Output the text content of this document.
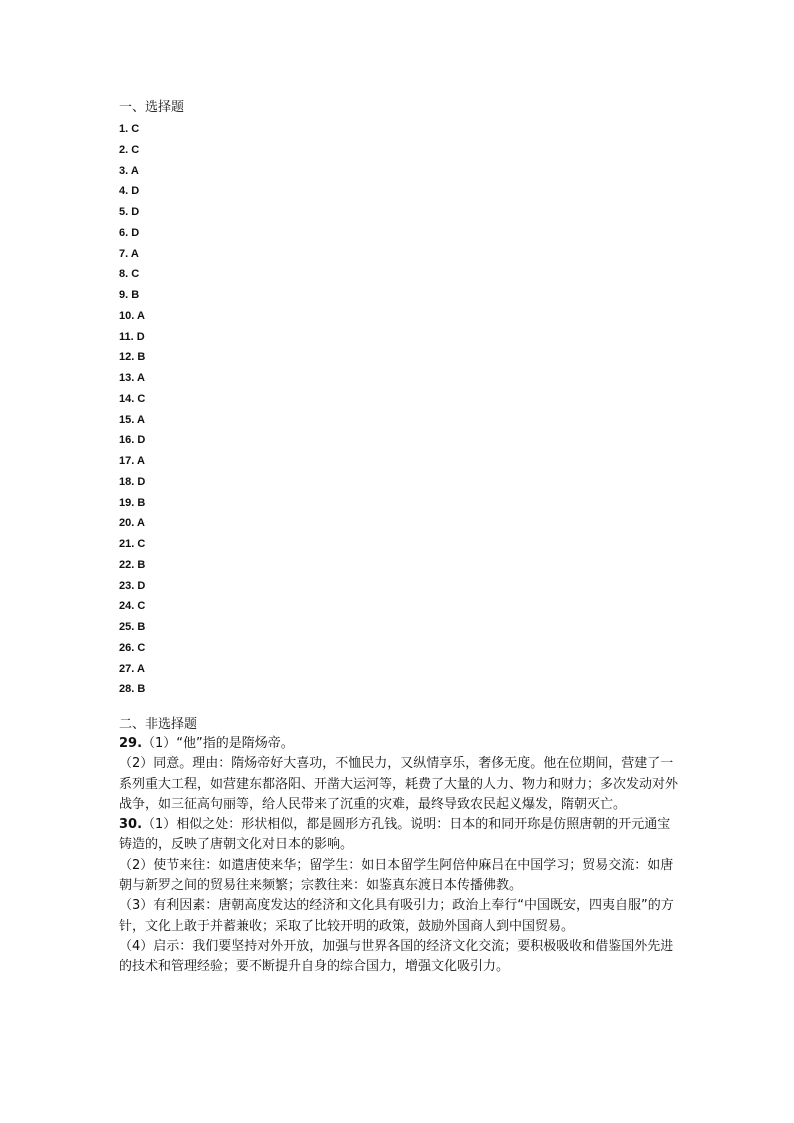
一、选择题

1. C
2. C
3. A
4. D
5. D
6. D
7. A
8. C
9. B
10. A
11. D
12. B
13. A
14. C
15. A
16. D
17. A
18. D
19. B
20. A
21. C
22. B
23. D
24. C
25. B
26. C
27. A
28. B

二、非选择题

29.（1）“他”指的是隋炀帝。

（2）同意。理由：隋炀帝好大喜功，不恤民力，又纵情享乐，奢侈无度。他在位期间，营建了一系列重大工程，如营建东都洛阳、开凿大运河等，耗费了大量的人力、物力和财力；多次发动对外战争，如三征高句丽等，给人民带来了沉重的灾难，最终导致农民起义爆发，隋朝灭亡。

30.（1）相似之处：形状相似，都是圆形方孔钱。说明：日本的和同开珎是仿照唐朝的开元通宝铸造的，反映了唐朝文化对日本的影响。

（2）使节来往：如遣唐使来华；留学生：如日本留学生阿倍仲麻吕在中国学习；贸易交流：如唐朝与新罗之间的贸易往来频繁；宗教往来：如鉴真东渡日本传播佛教。

（3）有利因素：唐朝高度发达的经济和文化具有吸引力；政治上奉行“中国既安，四夷自服”的方针，文化上敢于并蓄兼收；采取了比较开明的政策，鼓励外国商人到中国贸易。

（4）启示：我们要坚持对外开放，加强与世界各国的经济文化交流；要积极吸收和借鉴国外先进的技术和管理经验；要不断提升自身的综合国力，增强文化吸引力。
